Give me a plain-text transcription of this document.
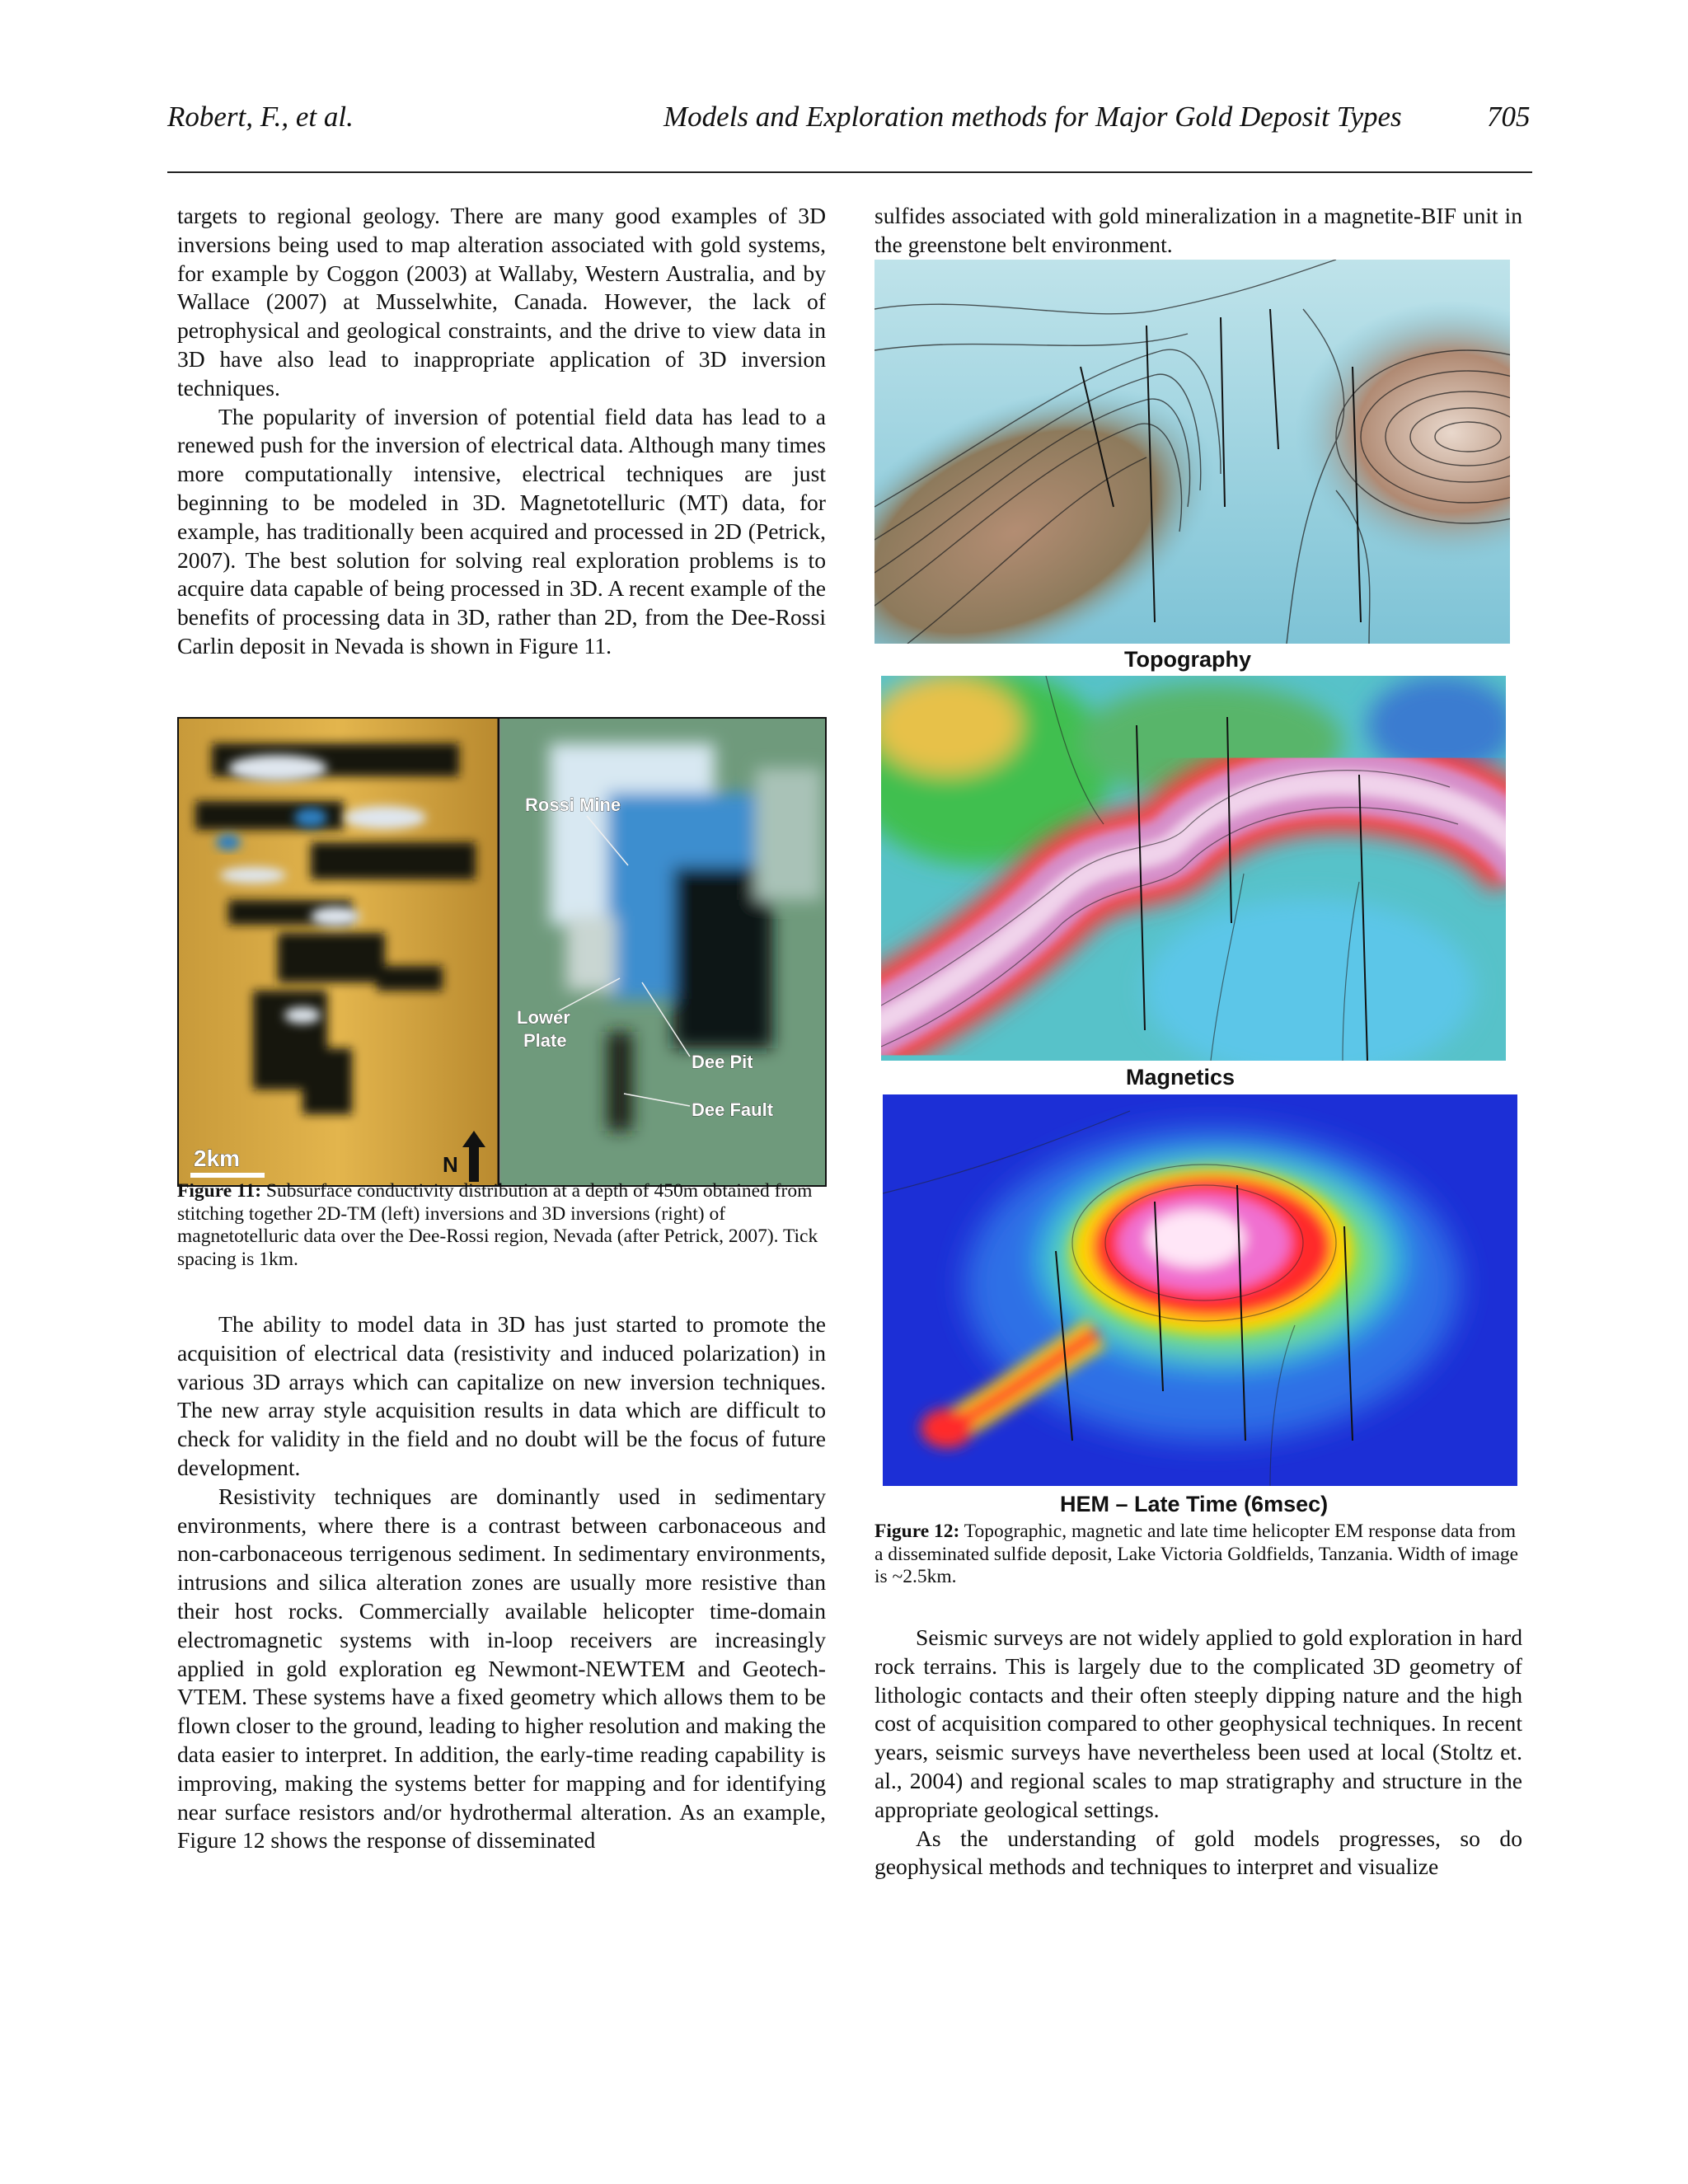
Robert, F., et al.	Models and Exploration methods for Major Gold Deposit Types	705

targets to regional geology. There are many good examples of 3D inversions being used to map alteration associated with gold systems, for example by Coggon (2003) at Wallaby, Western Australia, and by Wallace (2007) at Musselwhite, Canada. However, the lack of petrophysical and geological constraints, and the drive to view data in 3D have also lead to inappropriate application of 3D inversion techniques.

The popularity of inversion of potential field data has lead to a renewed push for the inversion of electrical data. Although many times more computationally intensive, electrical techniques are just beginning to be modeled in 3D. Magnetotelluric (MT) data, for example, has traditionally been acquired and processed in 2D (Petrick, 2007). The best solution for solving real exploration problems is to acquire data capable of being processed in 3D. A recent example of the benefits of processing data in 3D, rather than 2D, from the Dee-Rossi Carlin deposit in Nevada is shown in Figure 11.

2km	N
Rossi Mine
Lower
Plate
Dee Pit
Dee Fault
Figure 11: Subsurface conductivity distribution at a depth of 450m obtained from stitching together 2D-TM (left) inversions and 3D inversions (right) of magnetotelluric data over the Dee-Rossi region, Nevada (after Petrick, 2007). Tick spacing is 1km.

The ability to model data in 3D has just started to promote the acquisition of electrical data (resistivity and induced polarization) in various 3D arrays which can capitalize on new inversion techniques. The new array style acquisition results in data which are difficult to check for validity in the field and no doubt will be the focus of future development.

Resistivity techniques are dominantly used in sedimentary environments, where there is a contrast between carbonaceous and non-carbonaceous terrigenous sediment. In sedimentary environments, intrusions and silica alteration zones are usually more resistive than their host rocks. Commercially available helicopter time-domain electromagnetic systems with in-loop receivers are increasingly applied in gold exploration eg Newmont-NEWTEM and Geotech-VTEM. These systems have a fixed geometry which allows them to be flown closer to the ground, leading to higher resolution and making the data easier to interpret. In addition, the early-time reading capability is improving, making the systems better for mapping and for identifying near surface resistors and/or hydrothermal alteration. As an example, Figure 12 shows the response of disseminated

sulfides associated with gold mineralization in a magnetite-BIF unit in the greenstone belt environment.

Topography
Magnetics
HEM – Late Time (6msec)
Figure 12: Topographic, magnetic and late time helicopter EM response data from a disseminated sulfide deposit, Lake Victoria Goldfields, Tanzania. Width of image is ~2.5km.

Seismic surveys are not widely applied to gold exploration in hard rock terrains. This is largely due to the complicated 3D geometry of lithologic contacts and their often steeply dipping nature and the high cost of acquisition compared to other geophysical techniques. In recent years, seismic surveys have nevertheless been used at local (Stoltz et. al., 2004) and regional scales to map stratigraphy and structure in the appropriate geological settings.

As the understanding of gold models progresses, so do geophysical methods and techniques to interpret and visualize
